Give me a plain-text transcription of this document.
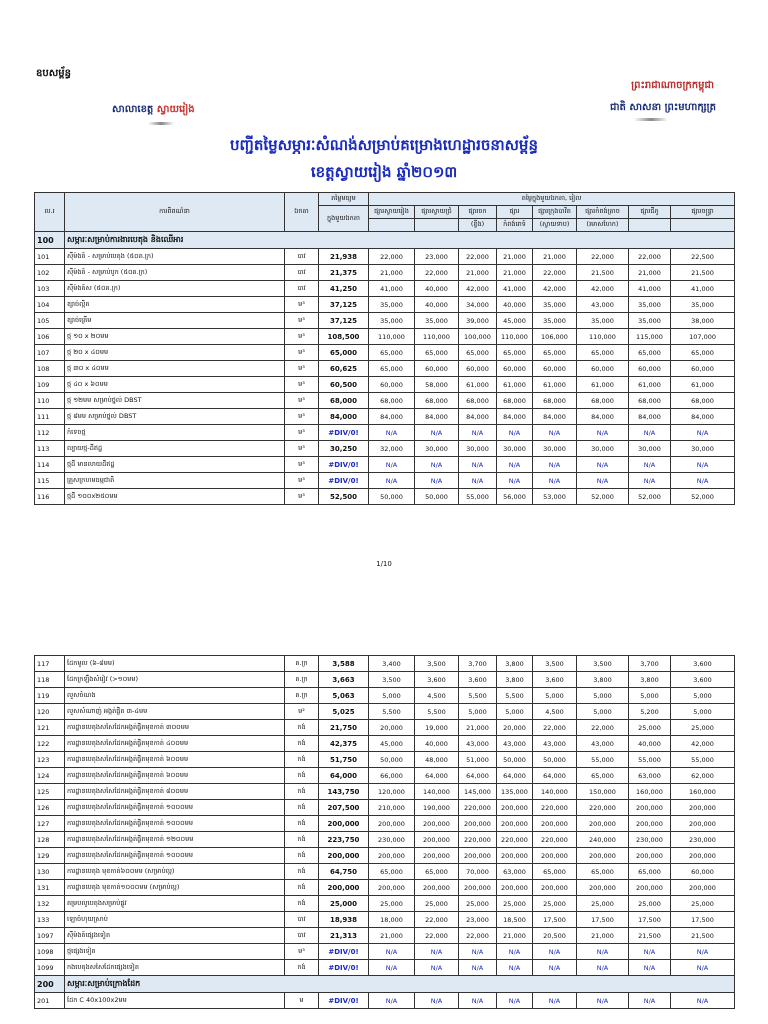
ឧបសម្ព័ន្ធ
ព្រះរាជាណាចក្រកម្ពុជា
ជាតិ សាសនា ព្រះមហាក្សត្រ
សាលាខេត្ត ស្វាយរៀង
បញ្ជីតម្លៃសម្ភារៈសំណង់សម្រាប់គម្រោងហេដ្ឋារចនាសម្ព័ន្ធ
ខេត្តស្វាយរៀង ឆ្នាំ២០១៣
ល.រ	ការពិពណ៌នា	ឯកតា	តម្លៃមធ្យម	តម្លៃក្នុងមួយឯកតា, រៀល							
			ក្នុងមួយឯកតា	ផ្សារស្វាយរៀង	ផ្សារស្វាយជ្រំ	ផ្សារចក	ផ្សារ	ផ្សារក្រុងបាវិត	ផ្សារកំពង់ត្រាច	ផ្សារជីភូ	ផ្សារចន្ទ្រា
						(ខ្ទីង)	កំពង់រោទ៍	(ស្វាយទាប)	(រមាសហែក)		
100	សម្ភារៈសម្រាប់ការងារបេតុង និងឈើអារ										
101	ស៊ីម៉ងត៍ - សម្រាប់បេតុង (៥០គ.ក្រ)	បាវ	21,938	22,000	23,000	22,000	21,000	21,000	22,000	22,000	22,500
102	ស៊ីម៉ងត៍ - សម្រាប់បូក (៥០គ.ក្រ)	បាវ	21,375	21,000	22,000	21,000	21,000	22,000	21,500	21,000	21,500
103	ស៊ីម៉ងត៍ស (៥០គ.ក្រ)	បាវ	41,250	41,000	40,000	42,000	41,000	42,000	42,000	41,000	41,000
104	ខ្សាច់ល្អិត	ម³	37,125	35,000	40,000	34,000	40,000	35,000	43,000	35,000	35,000
105	ខ្សាច់គ្រើម	ម³	37,125	35,000	35,000	39,000	45,000	35,000	35,000	35,000	38,000
106	ថ្ម ១០ x ២០មម	ម³	108,500	110,000	110,000	100,000	110,000	106,000	110,000	115,000	107,000
107	ថ្ម ២០ x ៤០មម	ម³	65,000	65,000	65,000	65,000	65,000	65,000	65,000	65,000	65,000
108	ថ្ម ៣០ x ៤០មម	ម³	60,625	65,000	60,000	60,000	60,000	60,000	60,000	60,000	60,000
109	ថ្ម ៤០ x ៦០មម	ម³	60,500	60,000	58,000	61,000	61,000	61,000	61,000	61,000	61,000
110	ថ្ម ១២មម សម្រាប់ថ្នល់ DBST	ម³	68,000	68,000	68,000	68,000	68,000	68,000	68,000	68,000	68,000
111	ថ្ម ៨មម សម្រាប់ថ្នល់ DBST	ម³	84,000	84,000	84,000	84,000	84,000	84,000	84,000	84,000	84,000
112	កំទេចថ្ម	ម³	#DIV/0!	N/A	N/A	N/A	N/A	N/A	N/A	N/A	N/A
113	ល្បាយថ្ម-ដីឥដ្ឋ	ម³	30,250	32,000	30,000	30,000	30,000	30,000	30,000	30,000	30,000
114	ថ្មដី មានលាយដីឥដ្ឋ	ម³	#DIV/0!	N/A	N/A	N/A	N/A	N/A	N/A	N/A	N/A
115	គ្រួសក្រហមធម្មជាតិ	ម³	#DIV/0!	N/A	N/A	N/A	N/A	N/A	N/A	N/A	N/A
116	ថ្មដី ១០០x២៥០មម	ម³	52,500	50,000	50,000	55,000	56,000	53,000	52,000	52,000	52,000
1/10
117	ដែកមូល (៦-៨មម)	គ.ក្រ	3,588	3,400	3,500	3,700	3,800	3,500	3,500	3,700	3,600
118	ដែកក្រឡឹងសំរៀវ (>១០មម)	គ.ក្រ	3,663	3,500	3,600	3,600	3,800	3,600	3,800	3,800	3,600
119	លួសចំណង	គ.ក្រ	5,063	5,000	4,500	5,500	5,500	5,000	5,000	5,000	5,000
120	លួសសំណាញ់ អង្កត់ផ្ចិត ៣-៤មម	ម²	5,025	5,500	5,500	5,000	5,000	4,500	5,000	5,200	5,000
121	ការដ្ឋានបេតុងសសៃដែកអង្កត់ផ្ចិតមុខកាត់ ៣០០មម	កង់	21,750	20,000	19,000	21,000	20,000	22,000	22,000	25,000	25,000
122	ការដ្ឋានបេតុងសសៃដែកអង្កត់ផ្ចិតមុខកាត់ ៤០០មម	កង់	42,375	45,000	40,000	43,000	43,000	43,000	43,000	40,000	42,000
123	ការដ្ឋានបេតុងសសៃដែកអង្កត់ផ្ចិតមុខកាត់ ៦០០មម	កង់	51,750	50,000	48,000	51,000	50,000	50,000	55,000	55,000	55,000
124	ការដ្ឋានបេតុងសសៃដែកអង្កត់ផ្ចិតមុខកាត់ ៦០០មម	កង់	64,000	66,000	64,000	64,000	64,000	64,000	65,000	63,000	62,000
125	ការដ្ឋានបេតុងសសៃដែកអង្កត់ផ្ចិតមុខកាត់ ៨០០មម	កង់	143,750	120,000	140,000	145,000	135,000	140,000	150,000	160,000	160,000
126	ការដ្ឋានបេតុងសសៃដែកអង្កត់ផ្ចិតមុខកាត់ ១០០០មម	កង់	207,500	210,000	190,000	220,000	200,000	220,000	220,000	200,000	200,000
127	ការដ្ឋានបេតុងសសៃដែកអង្កត់ផ្ចិតមុខកាត់ ១០០០មម	កង់	200,000	200,000	200,000	200,000	200,000	200,000	200,000	200,000	200,000
128	ការដ្ឋានបេតុងសសៃដែកអង្កត់ផ្ចិតមុខកាត់ ១២០០មម	កង់	223,750	230,000	200,000	220,000	220,000	220,000	240,000	230,000	230,000
129	ការដ្ឋានបេតុងសសៃដែកអង្កត់ផ្ចិតមុខកាត់ ១០០០មម	កង់	200,000	200,000	200,000	200,000	200,000	200,000	200,000	200,000	200,000
130	ការដ្ឋានបេតុង មុខកាត់៦០០មម (សម្រាប់ល្អ)	កង់	64,750	65,000	65,000	70,000	63,000	65,000	65,000	65,000	60,000
131	ការដ្ឋានបេតុង មុខកាត់១០០០មម (សម្រាប់ល្អ)	កង់	200,000	200,000	200,000	200,000	200,000	200,000	200,000	200,000	200,000
132	គម្របលូបេតុងសម្រាប់ផ្លូវ	កង់	25,000	25,000	25,000	25,000	25,000	25,000	25,000	25,000	25,000
133	ឡោចំហុយស្រាប់	បាវ	18,938	18,000	22,000	23,000	18,500	17,500	17,500	17,500	17,500
1097	ស៊ីម៉ងត៍ផ្សេងទៀត	បាវ	21,313	21,000	22,000	22,000	21,000	20,500	21,000	21,500	21,500
1098	ថ្មផ្សេងទៀត	ម³	#DIV/0!	N/A	N/A	N/A	N/A	N/A	N/A	N/A	N/A
1099	កងបេតុងសសៃដែកផ្សេងទៀត	កង់	#DIV/0!	N/A	N/A	N/A	N/A	N/A	N/A	N/A	N/A
200	សម្ភារៈសម្រាប់ក្រោងដែក										
201	ដែក C 40x100x2មម	ម	#DIV/0!	N/A	N/A	N/A	N/A	N/A	N/A	N/A	N/A
